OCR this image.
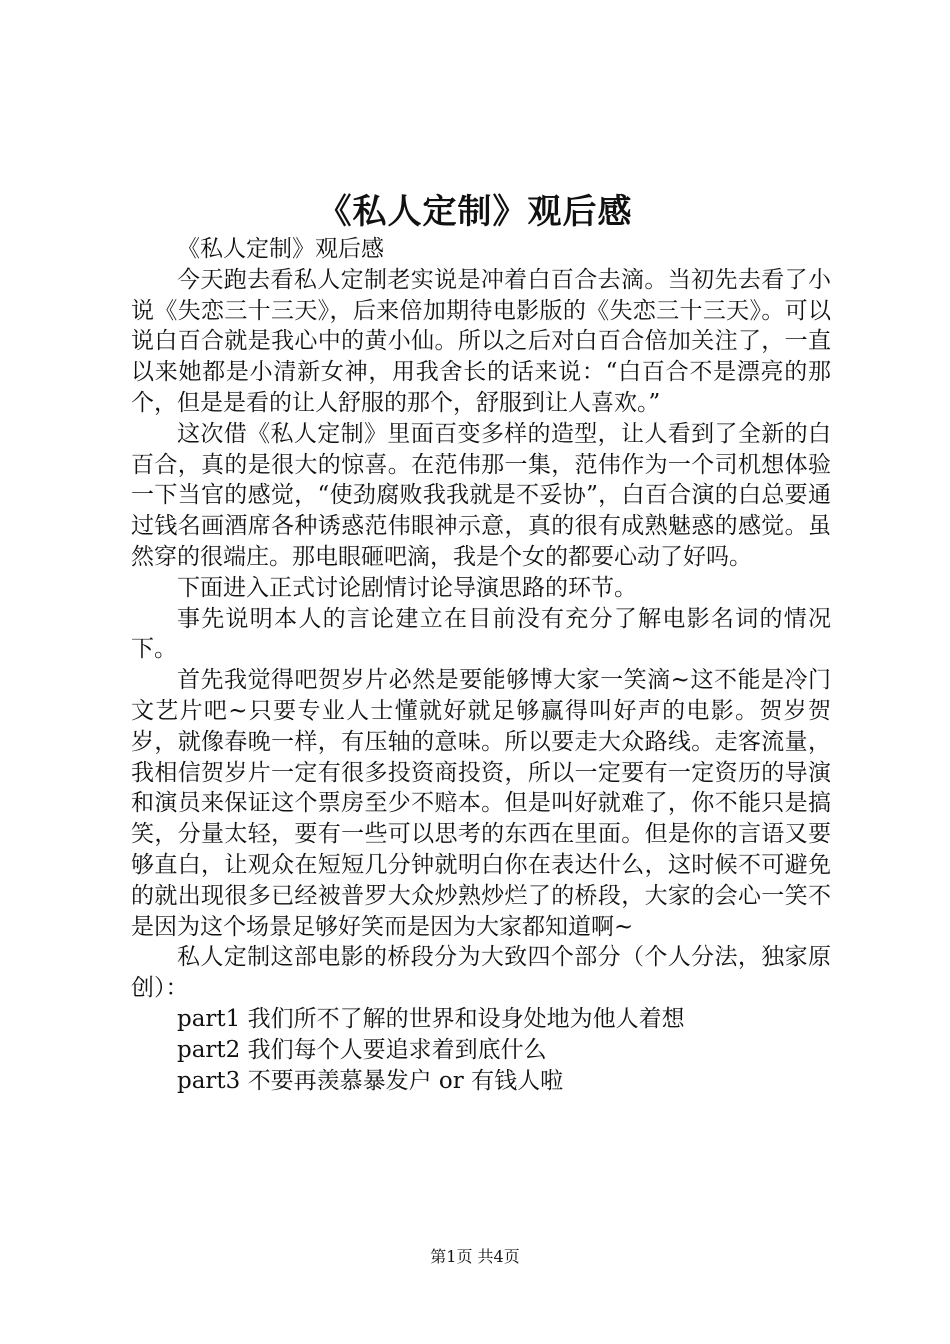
《私人定制》观后感

《私人定制》观后感

今天跑去看私人定制老实说是冲着白百合去滴。当初先去看了小说《失恋三十三天》，后来倍加期待电影版的《失恋三十三天》。可以说白百合就是我心中的黄小仙。所以之后对白百合倍加关注了，一直以来她都是小清新女神，用我舍长的话来说：“白百合不是漂亮的那个，但是是看的让人舒服的那个，舒服到让人喜欢。”

这次借《私人定制》里面百变多样的造型，让人看到了全新的白百合，真的是很大的惊喜。在范伟那一集，范伟作为一个司机想体验一下当官的感觉，“使劲腐败我我就是不妥协”，白百合演的白总要通过钱名画酒席各种诱惑范伟眼神示意，真的很有成熟魅惑的感觉。虽然穿的很端庄。那电眼砸吧滴，我是个女的都要心动了好吗。

下面进入正式讨论剧情讨论导演思路的环节。

事先说明本人的言论建立在目前没有充分了解电影名词的情况下。

首先我觉得吧贺岁片必然是要能够博大家一笑滴~这不能是冷门文艺片吧~只要专业人士懂就好就足够赢得叫好声的电影。贺岁贺岁，就像春晚一样，有压轴的意味。所以要走大众路线。走客流量，我相信贺岁片一定有很多投资商投资，所以一定要有一定资历的导演和演员来保证这个票房至少不赔本。但是叫好就难了，你不能只是搞笑，分量太轻，要有一些可以思考的东西在里面。但是你的言语又要够直白，让观众在短短几分钟就明白你在表达什么，这时候不可避免的就出现很多已经被普罗大众炒熟炒烂了的桥段，大家的会心一笑不是因为这个场景足够好笑而是因为大家都知道啊~

私人定制这部电影的桥段分为大致四个部分（个人分法，独家原创）：

part1 我们所不了解的世界和设身处地为他人着想

part2 我们每个人要追求着到底什么

part3 不要再羡慕暴发户 or 有钱人啦

第1页 共4页
